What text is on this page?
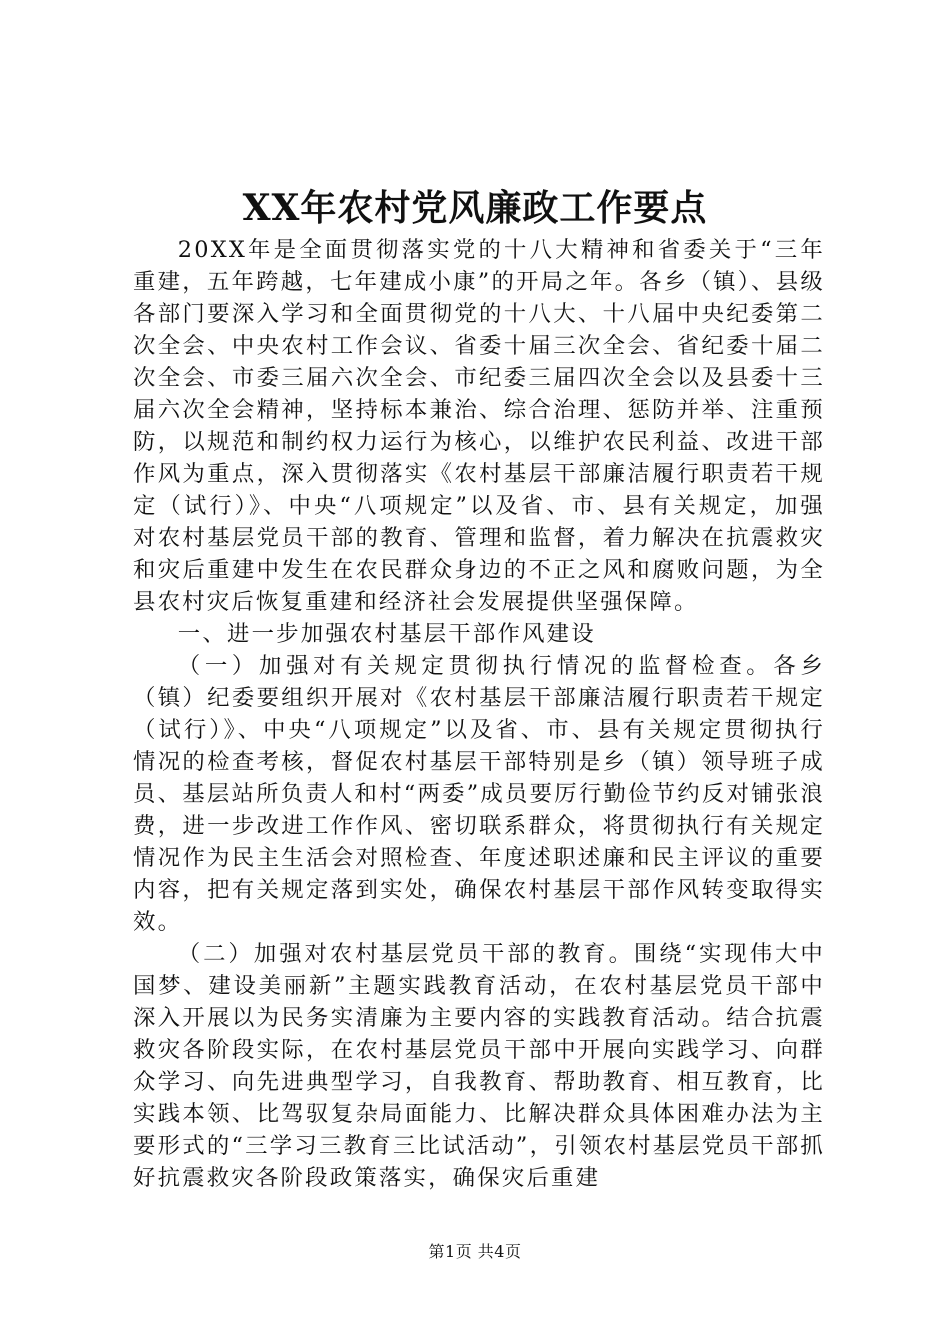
XX年农村党风廉政工作要点

20XX年是全面贯彻落实党的十八大精神和省委关于“三年重建，五年跨越，七年建成小康”的开局之年。各乡（镇）、县级各部门要深入学习和全面贯彻党的十八大、十八届中央纪委第二次全会、中央农村工作会议、省委十届三次全会、省纪委十届二次全会、市委三届六次全会、市纪委三届四次全会以及县委十三届六次全会精神，坚持标本兼治、综合治理、惩防并举、注重预防，以规范和制约权力运行为核心，以维护农民利益、改进干部作风为重点，深入贯彻落实《农村基层干部廉洁履行职责若干规定（试行）》、中央“八项规定”以及省、市、县有关规定，加强对农村基层党员干部的教育、管理和监督，着力解决在抗震救灾和灾后重建中发生在农民群众身边的不正之风和腐败问题，为全县农村灾后恢复重建和经济社会发展提供坚强保障。

一、进一步加强农村基层干部作风建设

（一）加强对有关规定贯彻执行情况的监督检查。各乡（镇）纪委要组织开展对《农村基层干部廉洁履行职责若干规定（试行）》、中央“八项规定”以及省、市、县有关规定贯彻执行情况的检查考核，督促农村基层干部特别是乡（镇）领导班子成员、基层站所负责人和村“两委”成员要厉行勤俭节约反对铺张浪费，进一步改进工作作风、密切联系群众，将贯彻执行有关规定情况作为民主生活会对照检查、年度述职述廉和民主评议的重要内容，把有关规定落到实处，确保农村基层干部作风转变取得实效。

（二）加强对农村基层党员干部的教育。围绕“实现伟大中国梦、建设美丽新”主题实践教育活动，在农村基层党员干部中深入开展以为民务实清廉为主要内容的实践教育活动。结合抗震救灾各阶段实际，在农村基层党员干部中开展向实践学习、向群众学习、向先进典型学习，自我教育、帮助教育、相互教育，比实践本领、比驾驭复杂局面能力、比解决群众具体困难办法为主要形式的“三学习三教育三比试活动”，引领农村基层党员干部抓好抗震救灾各阶段政策落实，确保灾后重建

第1页 共4页
